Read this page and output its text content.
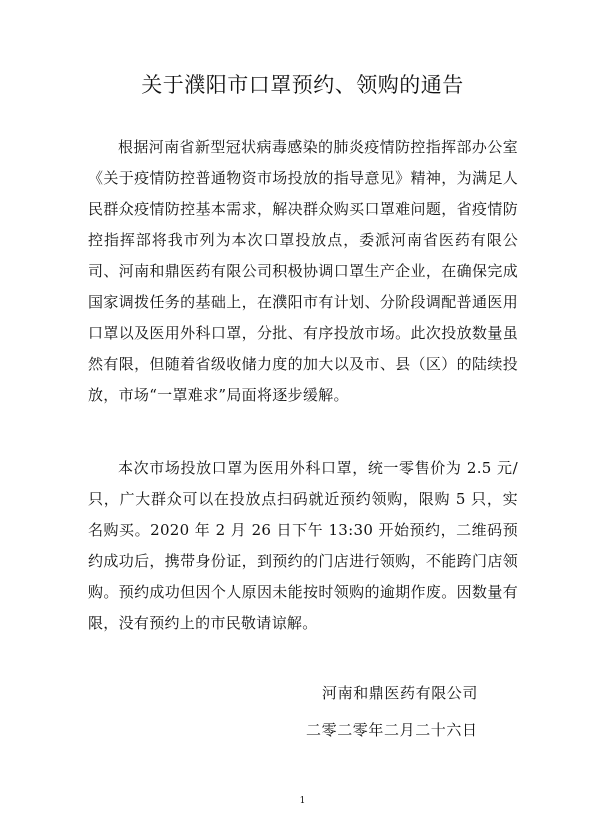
关于濮阳市口罩预约、领购的通告

根据河南省新型冠状病毒感染的肺炎疫情防控指挥部办公室《关于疫情防控普通物资市场投放的指导意见》精神，为满足人民群众疫情防控基本需求，解决群众购买口罩难问题，省疫情防控指挥部将我市列为本次口罩投放点，委派河南省医药有限公司、河南和鼎医药有限公司积极协调口罩生产企业，在确保完成国家调拨任务的基础上，在濮阳市有计划、分阶段调配普通医用口罩以及医用外科口罩，分批、有序投放市场。此次投放数量虽然有限，但随着省级收储力度的加大以及市、县（区）的陆续投放，市场“一罩难求”局面将逐步缓解。

本次市场投放口罩为医用外科口罩，统一零售价为 2.5 元/只，广大群众可以在投放点扫码就近预约领购，限购 5 只，实名购买。2020 年 2 月 26 日下午 13:30 开始预约，二维码预约成功后，携带身份证，到预约的门店进行领购，不能跨门店领购。预约成功但因个人原因未能按时领购的逾期作废。因数量有限，没有预约上的市民敬请谅解。

河南和鼎医药有限公司
二零二零年二月二十六日
1
